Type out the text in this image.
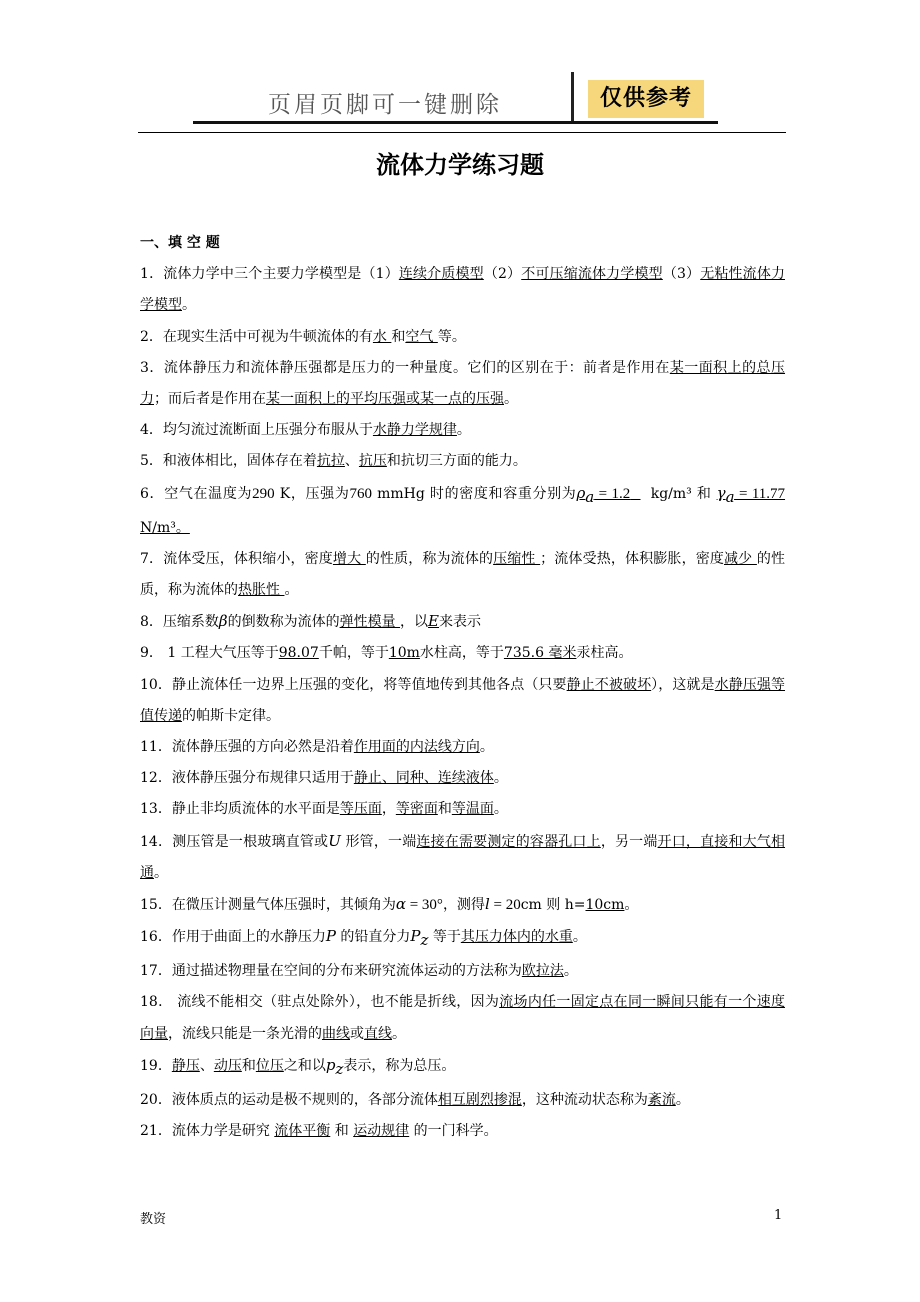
页眉页脚可一键删除	仅供参考
流体力学练习题
一、填 空 题

1．流体力学中三个主要力学模型是（1）连续介质模型（2）不可压缩流体力学模型（3）无粘性流体力学模型。

2．在现实生活中可视为牛顿流体的有水 和空气 等。

3．流体静压力和流体静压强都是压力的一种量度。它们的区别在于：前者是作用在某一面积上的总压力；而后者是作用在某一面积上的平均压强或某一点的压强。

4．均匀流过流断面上压强分布服从于水静力学规律。

5．和液体相比，固体存在着抗拉、抗压和抗切三方面的能力。

6．空气在温度为290 K，压强为760 mmHg 时的密度和容重分别为$\rho_a = 1.2$ kg/m³ 和 $\gamma_a = 11.77$ N/m³。

7．流体受压，体积缩小，密度增大 的性质，称为流体的压缩性 ；流体受热，体积膨胀，密度减少 的性质，称为流体的热胀性 。

8．压缩系数β的倒数称为流体的弹性模量 ，以E来表示

9． 1 工程大气压等于98.07千帕，等于10m水柱高，等于735.6 毫米汞柱高。

10．静止流体任一边界上压强的变化，将等值地传到其他各点（只要静止不被破坏），这就是水静压强等值传递的帕斯卡定律。

11．流体静压强的方向必然是沿着作用面的内法线方向。

12．液体静压强分布规律只适用于静止、同种、连续液体。

13．静止非均质流体的水平面是等压面，等密面和等温面。

14．测压管是一根玻璃直管或U 形管，一端连接在需要测定的容器孔口上，另一端开口，直接和大气相通。

15．在微压计测量气体压强时，其倾角为α = 30°，测得l = 20cm 则 h=10cm。

16．作用于曲面上的水静压力P 的铅直分力$P_z$ 等于其压力体内的水重。

17．通过描述物理量在空间的分布来研究流体运动的方法称为欧拉法。

18． 流线不能相交（驻点处除外），也不能是折线，因为流场内任一固定点在同一瞬间只能有一个速度向量，流线只能是一条光滑的曲线或直线。

19．静压、动压和位压之和以$p_z$表示，称为总压。

20．液体质点的运动是极不规则的，各部分流体相互剧烈掺混，这种流动状态称为紊流。

21．流体力学是研究 流体平衡 和 运动规律 的一门科学。

教资	1
